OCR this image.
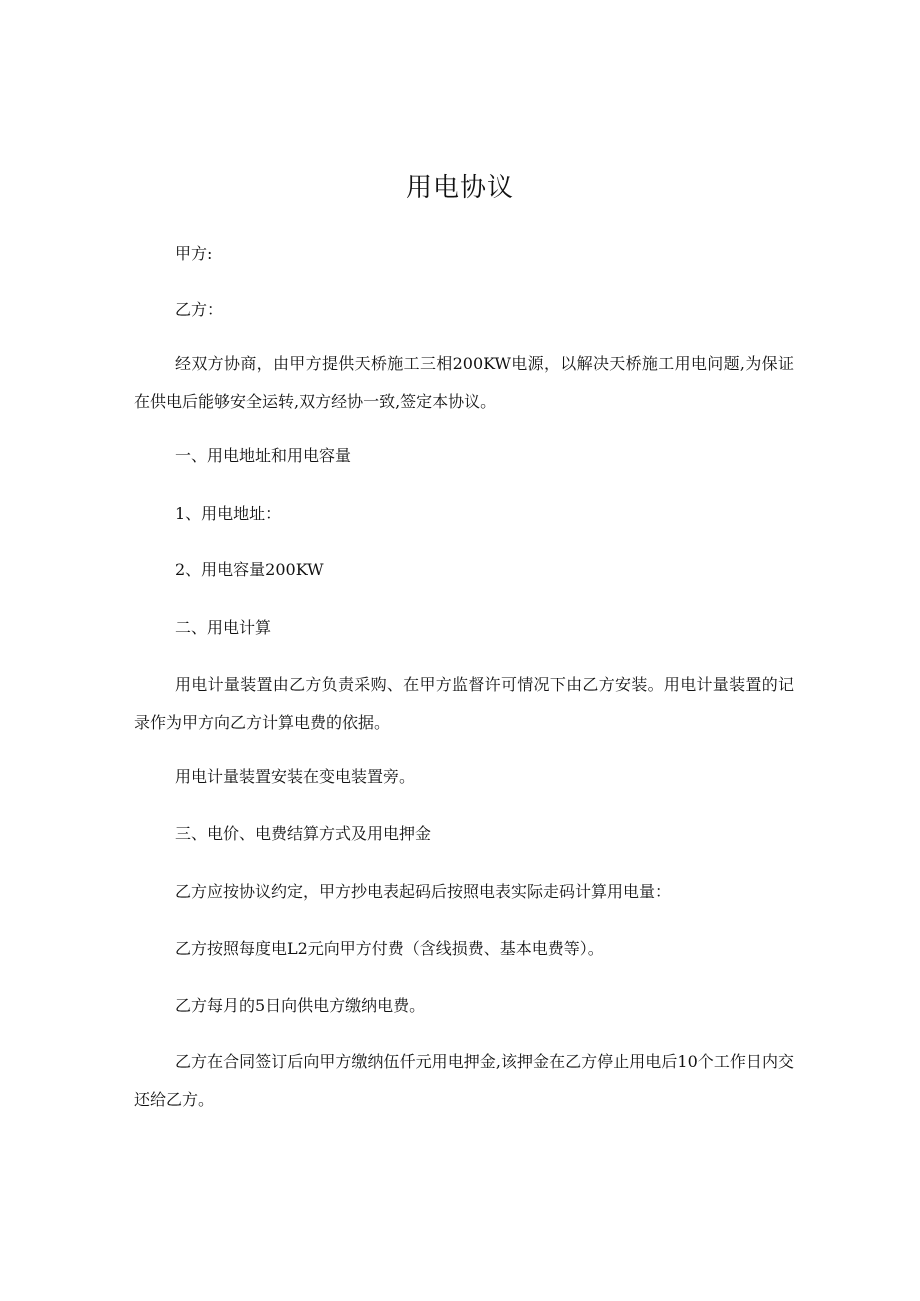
用电协议

甲方:

乙方：

经双方协商，由甲方提供天桥施工三相200KW电源，以解决天桥施工用电问题,为保证在供电后能够安全运转,双方经协一致,签定本协议。

一、用电地址和用电容量

1、用电地址：

2、用电容量200KW

二、用电计算

用电计量装置由乙方负责采购、在甲方监督许可情况下由乙方安装。用电计量装置的记录作为甲方向乙方计算电费的依据。

用电计量装置安装在变电装置旁。

三、电价、电费结算方式及用电押金

乙方应按协议约定，甲方抄电表起码后按照电表实际走码计算用电量：

乙方按照每度电L2元向甲方付费（含线损费、基本电费等）。

乙方每月的5日向供电方缴纳电费。

乙方在合同签订后向甲方缴纳伍仟元用电押金,该押金在乙方停止用电后10个工作日内交还给乙方。
